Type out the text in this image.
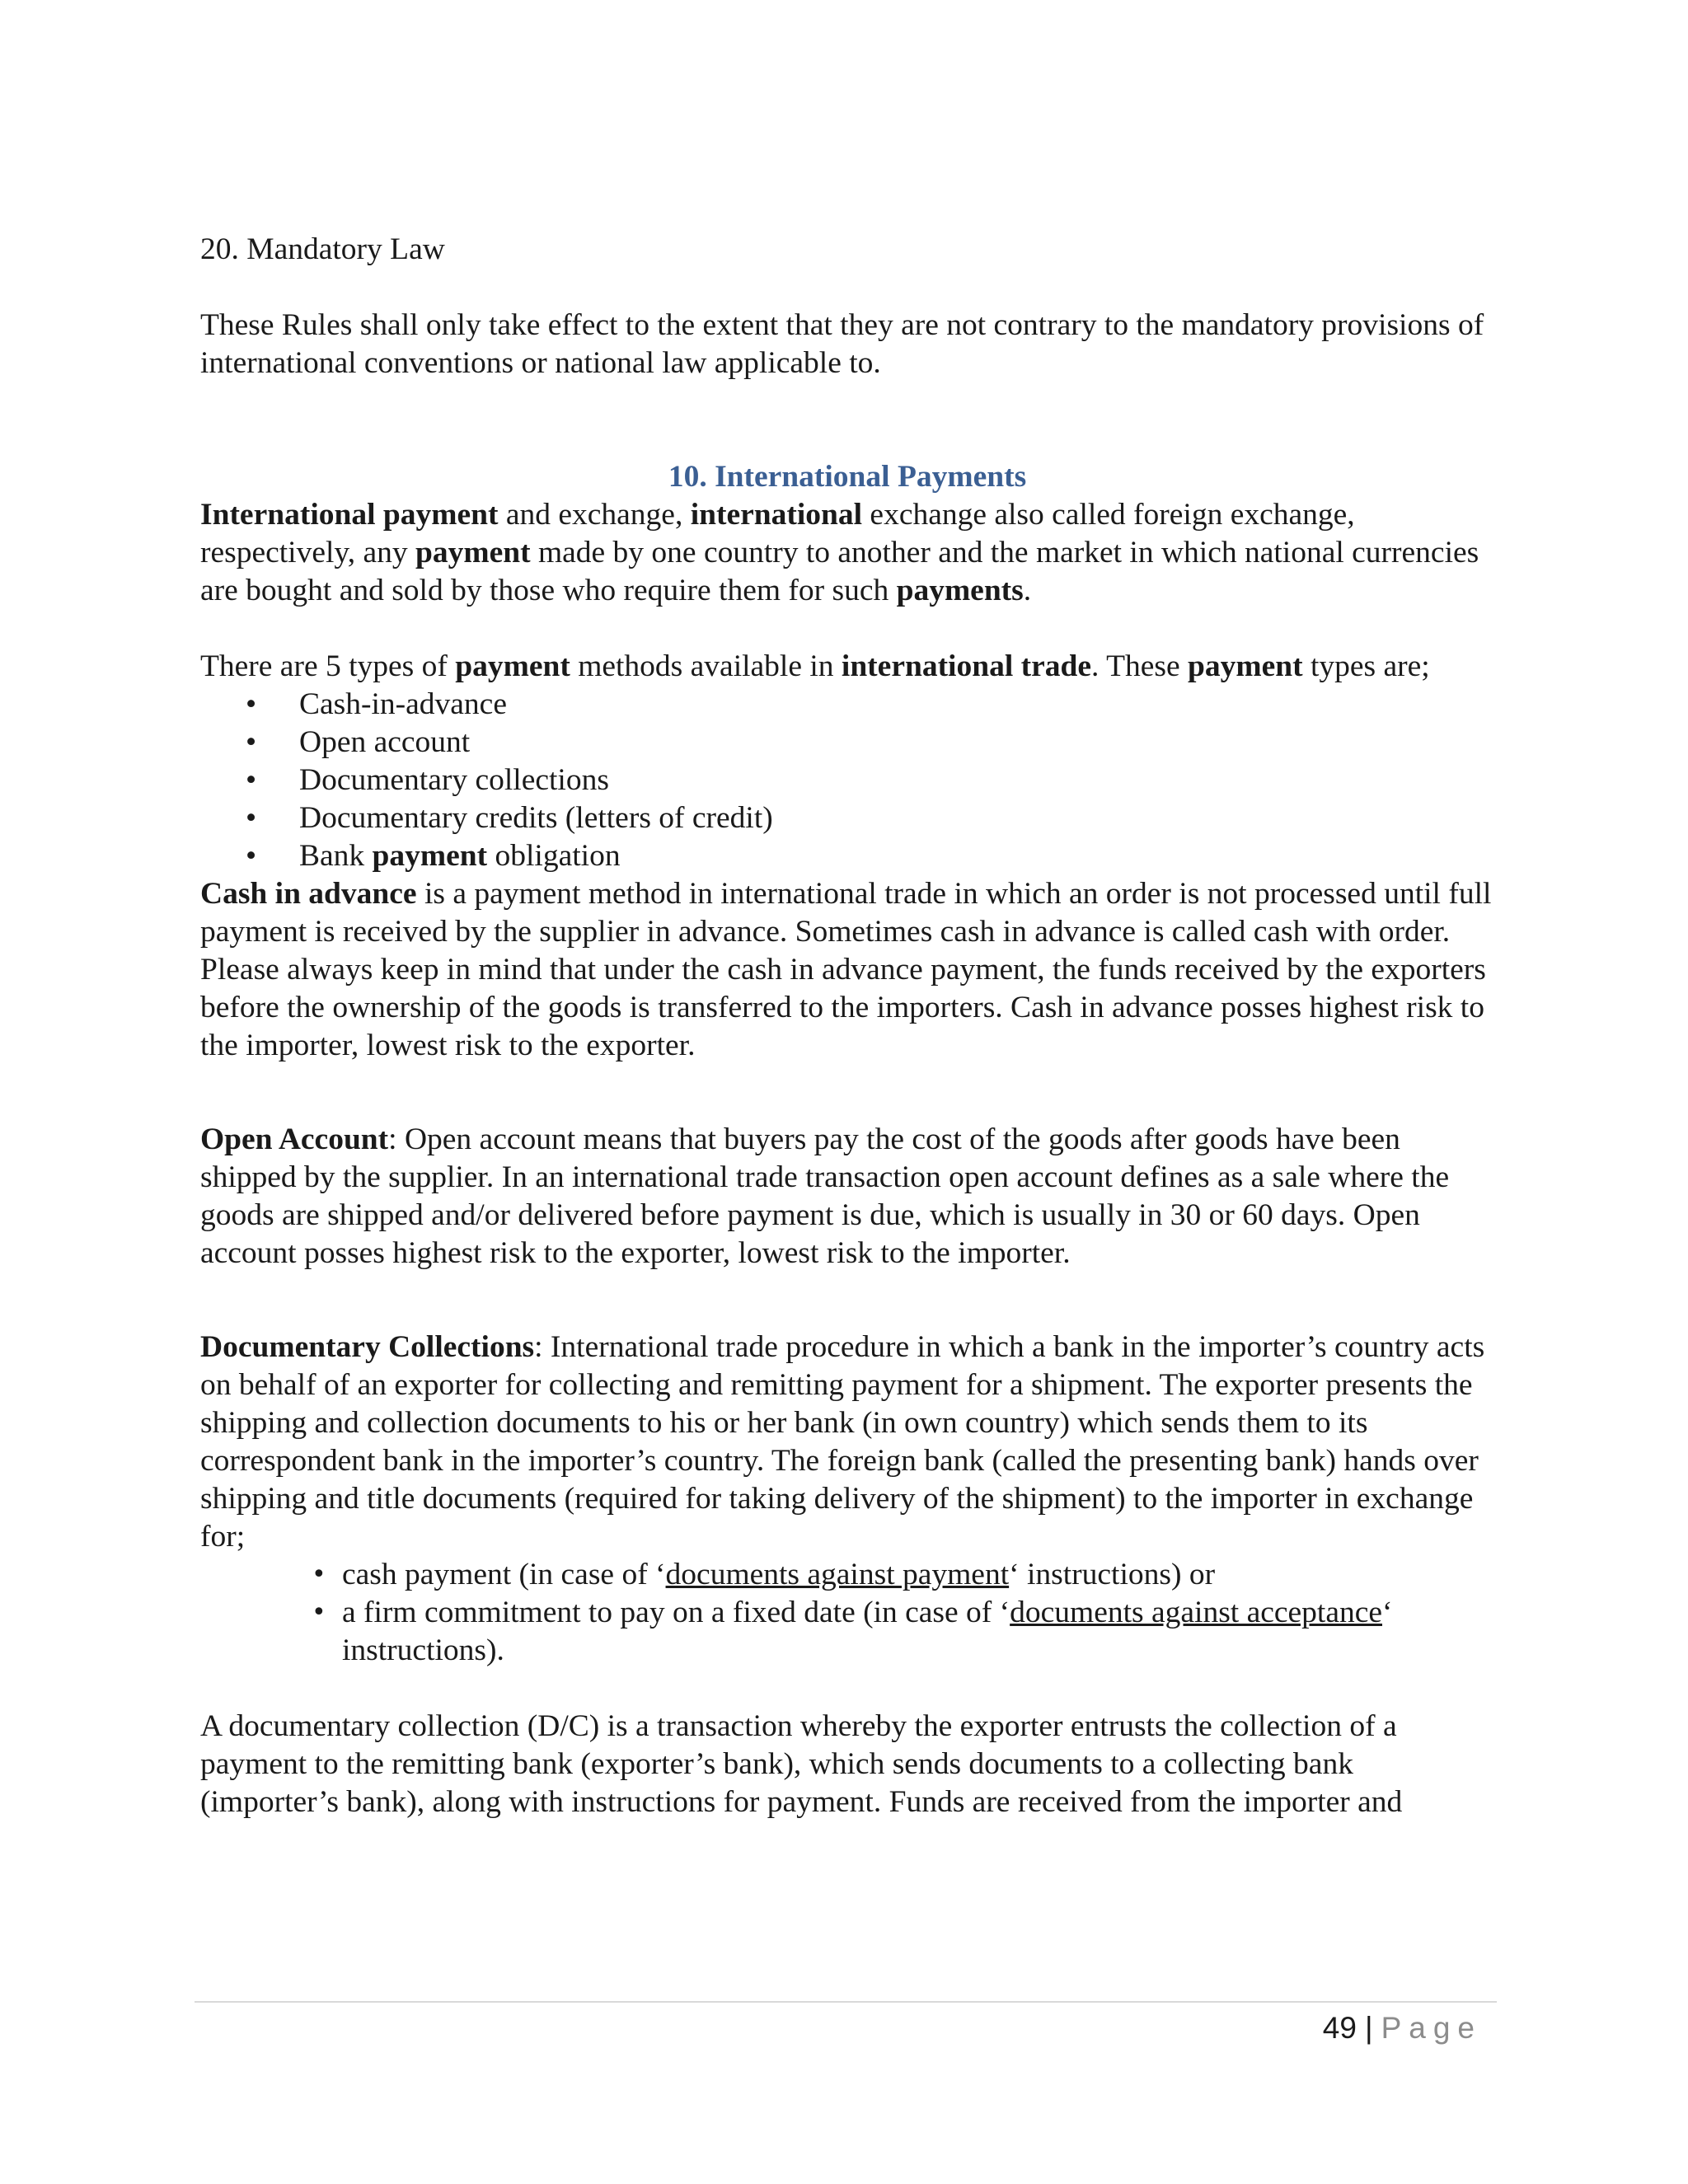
20. Mandatory Law

These Rules shall only take effect to the extent that they are not contrary to the mandatory provisions of international conventions or national law applicable to.

10. International Payments

International payment and exchange, international exchange also called foreign exchange, respectively, any payment made by one country to another and the market in which national currencies are bought and sold by those who require them for such payments.

There are 5 types of payment methods available in international trade. These payment types are;

• Cash-in-advance
• Open account
• Documentary collections
• Documentary credits (letters of credit)
• Bank payment obligation

Cash in advance is a payment method in international trade in which an order is not processed until full payment is received by the supplier in advance. Sometimes cash in advance is called cash with order. Please always keep in mind that under the cash in advance payment, the funds received by the exporters before the ownership of the goods is transferred to the importers. Cash in advance posses highest risk to the importer, lowest risk to the exporter.

Open Account: Open account means that buyers pay the cost of the goods after goods have been shipped by the supplier. In an international trade transaction open account defines as a sale where the goods are shipped and/or delivered before payment is due, which is usually in 30 or 60 days. Open account posses highest risk to the exporter, lowest risk to the importer.

Documentary Collections: International trade procedure in which a bank in the importer’s country acts on behalf of an exporter for collecting and remitting payment for a shipment. The exporter presents the shipping and collection documents to his or her bank (in own country) which sends them to its correspondent bank in the importer’s country. The foreign bank (called the presenting bank) hands over shipping and title documents (required for taking delivery of the shipment) to the importer in exchange for;

• cash payment (in case of ‘documents against payment‘ instructions) or
• a firm commitment to pay on a fixed date (in case of ‘documents against acceptance‘ instructions).

A documentary collection (D/C) is a transaction whereby the exporter entrusts the collection of a payment to the remitting bank (exporter’s bank), which sends documents to a collecting bank (importer’s bank), along with instructions for payment. Funds are received from the importer and

49 | Page
